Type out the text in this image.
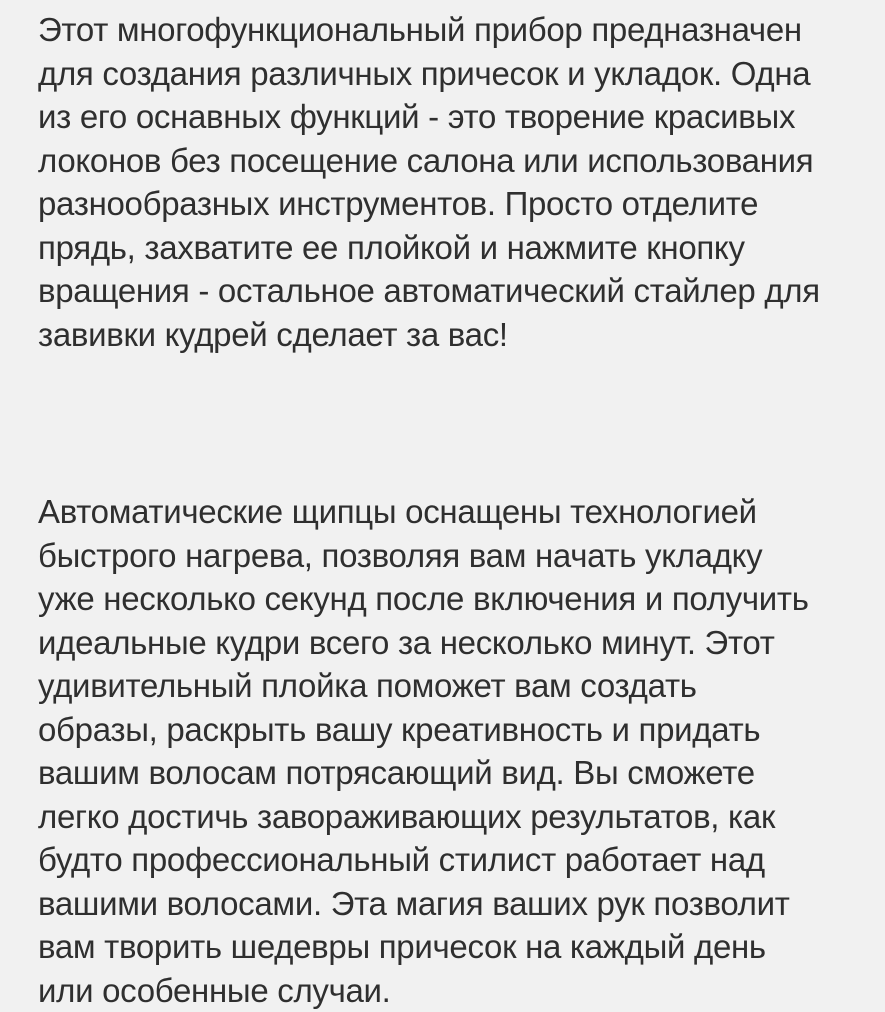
Этот многофункциональный прибор предназначен
для создания различных причесок и укладок. Одна
из его оснавных функций - это творение красивых
локонов без посещение салона или использования
разнообразных инструментов. Просто отделите
прядь, захватите ее плойкой и нажмите кнопку
вращения - остальное автоматический стайлер для
завивки кудрей сделает за вас!

Автоматические щипцы оснащены технологией
быстрого нагрева, позволяя вам начать укладку
уже несколько секунд после включения и получить
идеальные кудри всего за несколько минут. Этот
удивительный плойка поможет вам создать
образы, раскрыть вашу креативность и придать
вашим волосам потрясающий вид. Вы сможете
легко достичь завораживающих результатов, как
будто профессиональный стилист работает над
вашими волосами. Эта магия ваших рук позволит
вам творить шедевры причесок на каждый день
или особенные случаи.
